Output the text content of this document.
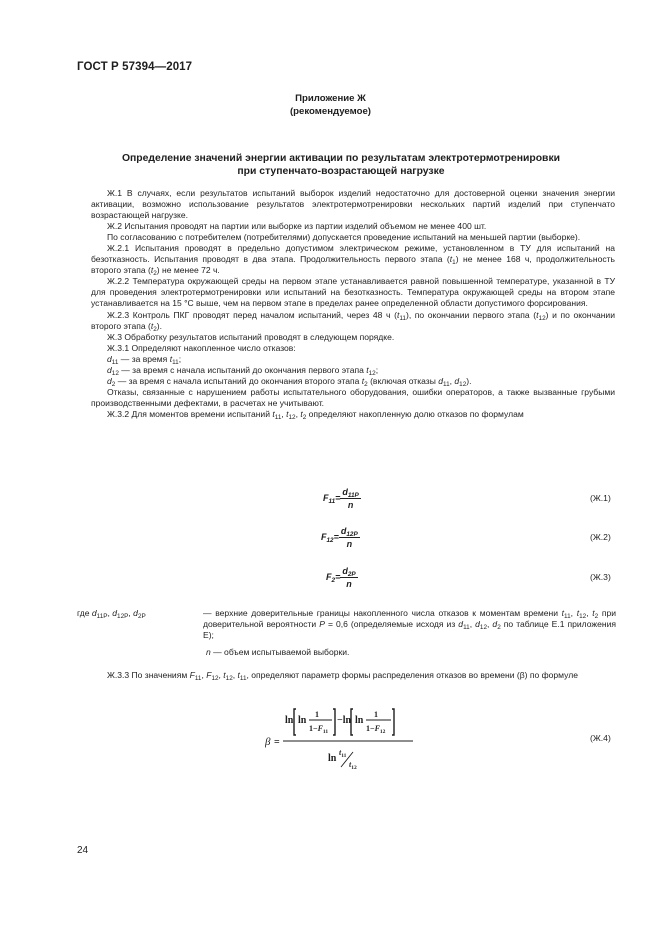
ГОСТ Р 57394—2017
Приложение Ж
(рекомендуемое)
Определение значений энергии активации по результатам электротермотренировки
при ступенчато-возрастающей нагрузке

Ж.1 В случаях, если результатов испытаний выборок изделий недостаточно для достоверной оценки значения энергии активации, возможно использование результатов электротермотренировки нескольких партий изделий при ступенчато возрастающей нагрузке.

Ж.2 Испытания проводят на партии или выборке из партии изделий объемом не менее 400 шт.

По согласованию с потребителем (потребителями) допускается проведение испытаний на меньшей партии (выборке).

Ж.2.1 Испытания проводят в предельно допустимом электрическом режиме, установленном в ТУ для испытаний на безотказность. Испытания проводят в два этапа. Продолжительность первого этапа $(t_1)$ не менее 168 ч, продолжительность второго этапа $(t_2)$ не менее 72 ч.

Ж.2.2 Температура окружающей среды на первом этапе устанавливается равной повышенной температуре, указанной в ТУ для проведения электротермотренировки или испытаний на безотказность. Температура окружающей среды на втором этапе устанавливается на 15 °С выше, чем на первом этапе в пределах ранее определенной области допустимого форсирования.

Ж.2.3 Контроль ПКГ проводят перед началом испытаний, через 48 ч $(t_{11})$, по окончании первого этапа $(t_{12})$ и по окончании второго этапа $(t_2)$.

Ж.3 Обработку результатов испытаний проводят в следующем порядке.

Ж.3.1 Определяют накопленное число отказов:

$d_{11}$ — за время $t_{11}$;

$d_{12}$ — за время с начала испытаний до окончания первого этапа $t_{12}$;

$d_2$ — за время с начала испытаний до окончания второго этапа $t_2$ (включая отказы $d_{11}$, $d_{12}$).

Отказы, связанные с нарушением работы испытательного оборудования, ошибки операторов, а также вызванные грубыми производственными дефектами, в расчетах не учитывают.

Ж.3.2 Для моментов времени испытаний $t_{11}$, $t_{12}$, $t_2$ определяют накопленную долю отказов по формулам

$F_{11}= \frac{d_{11P}}{n}$	(Ж.1)
$F_{12}= \frac{d_{12P}}{n}$	(Ж.2)
$F_2= \frac{d_{2P}}{n}$	(Ж.3)
где $d_{11P}$, $d_{12P}$, $d_{2P}$	— верхние доверительные границы накопленного числа отказов к моментам времени $t_{11}$, $t_{12}$, $t_2$ при доверительной вероятности P = 0,6 (определяемые исходя из $d_{11}$, $d_{12}$, $d_2$ по таблице Е.1 приложения Е);
n — объем испытываемой выборки.

Ж.3.3 По значениям $F_{11}$, $F_{12}$, $t_{12}$, $t_{11}$, определяют параметр формы распределения отказов во времени (β) по формуле

β =
ln ln
1
$1-F_{11}$
−ln ln
1
$1-F_{12}$
ln
$t_{11}$
$t_{12}$
(Ж.4)
24
